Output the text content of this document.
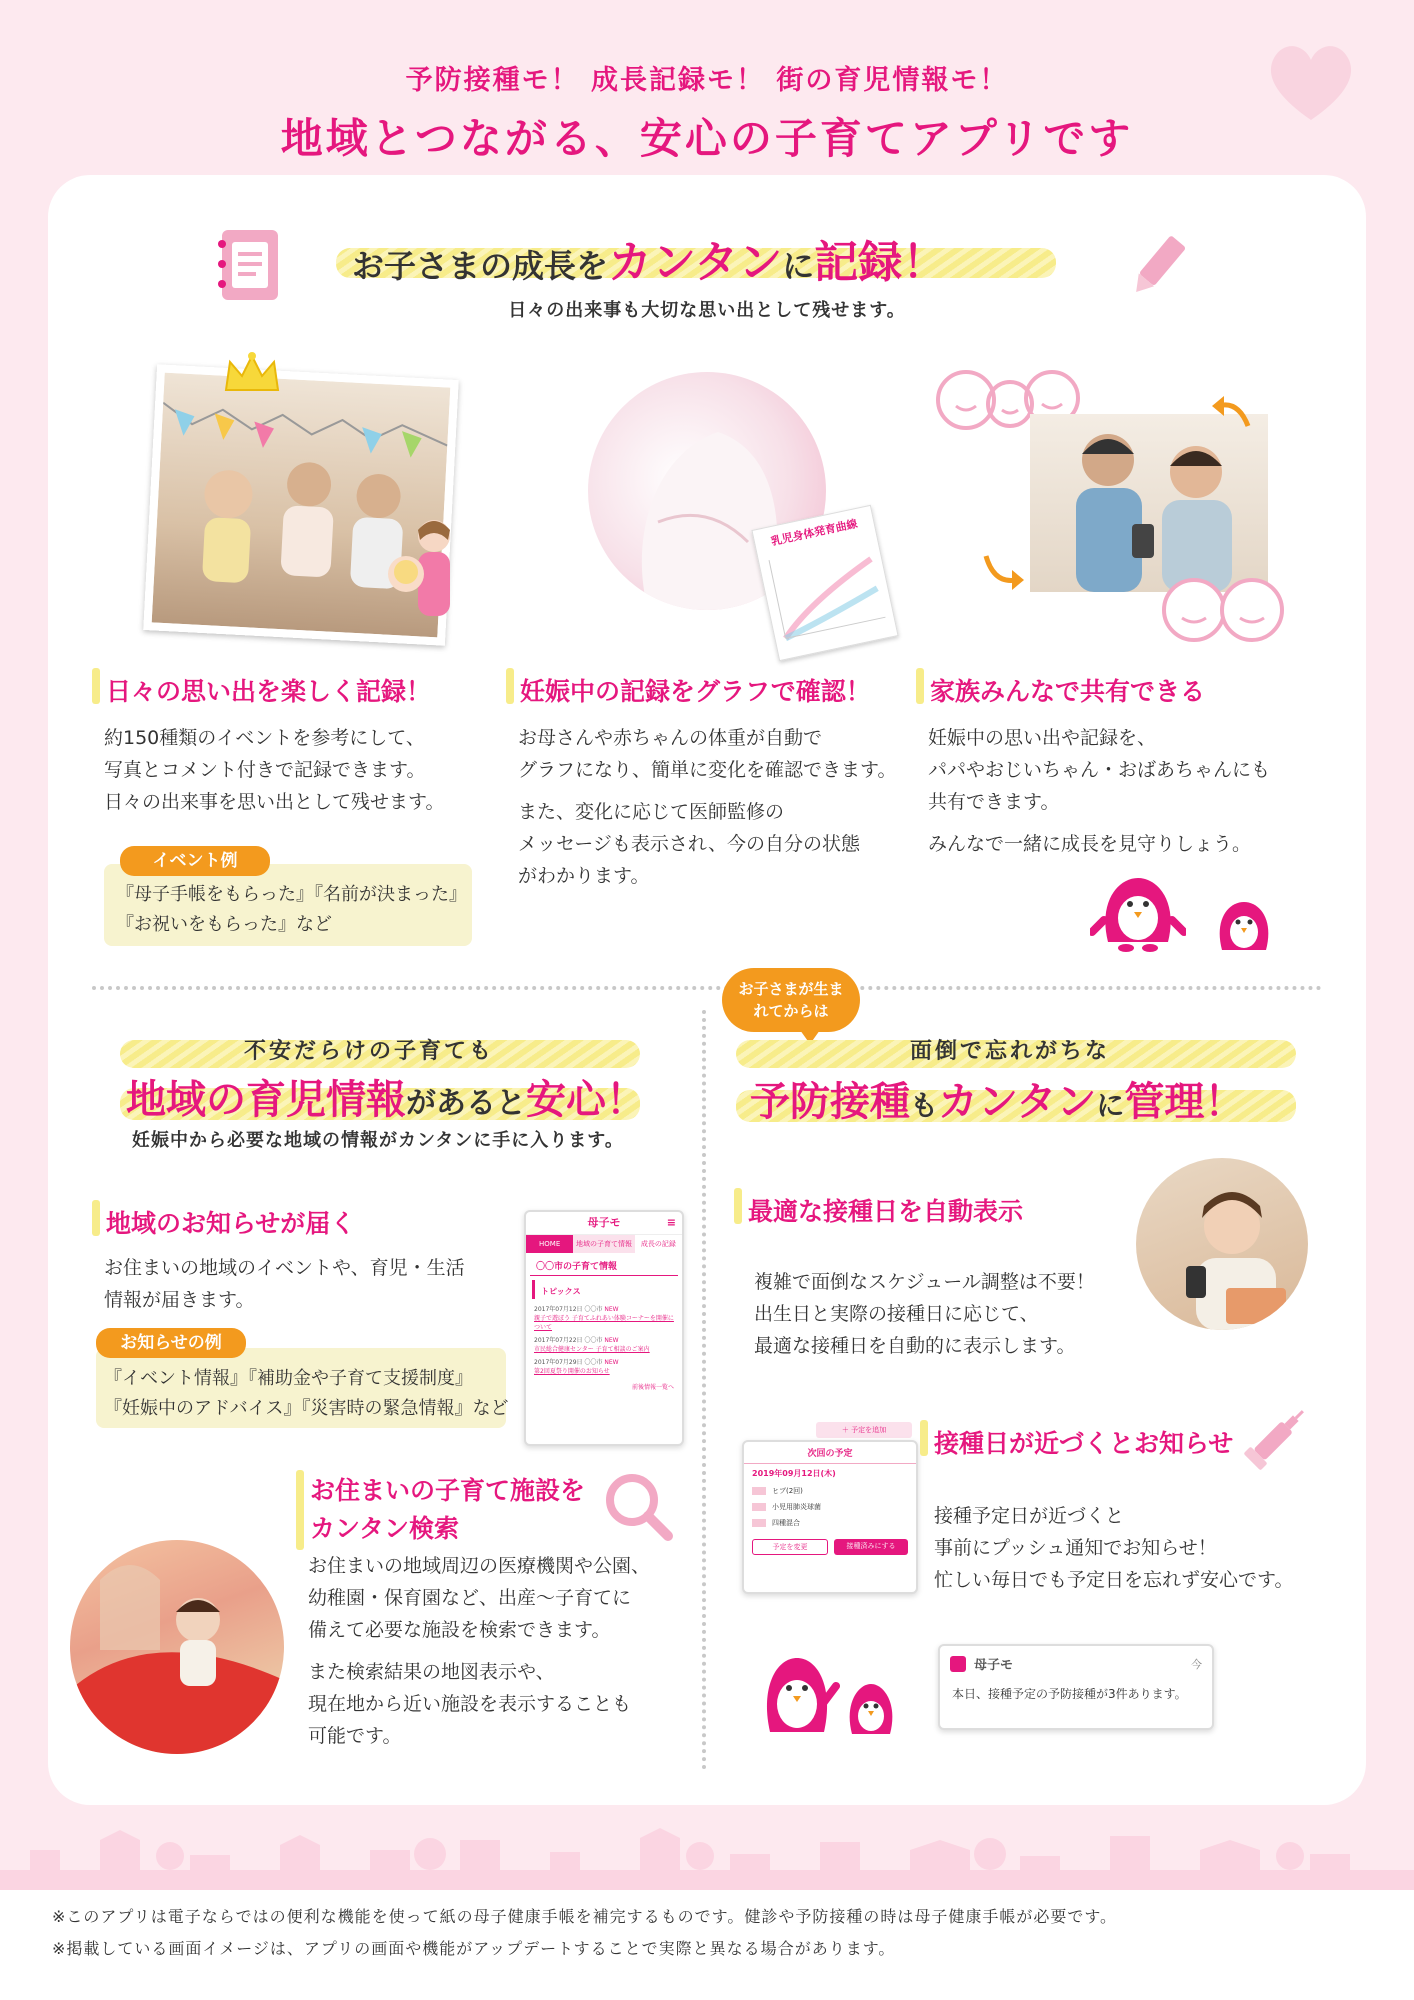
予防接種モ！ 成長記録モ！ 街の育児情報モ！
地域とつながる、安心の子育てアプリです
お子さまの成長をカンタンに記録！
日々の出来事も大切な思い出として残せます。
乳児身体発育曲線
日々の思い出を楽しく記録！
約150種類のイベントを参考にして、
写真とコメント付きで記録できます。
日々の出来事を思い出として残せます。
妊娠中の記録をグラフで確認！
お母さんや赤ちゃんの体重が自動で
グラフになり、簡単に変化を確認できます。
また、変化に応じて医師監修の
メッセージも表示され、今の自分の状態
がわかります。
家族みんなで共有できる
妊娠中の思い出や記録を、
パパやおじいちゃん・おばあちゃんにも
共有できます。
みんなで一緒に成長を見守りしょう。
イベント例
『母子手帳をもらった』『名前が決まった』
『お祝いをもらった』など
不安だらけの子育ても
地域の育児情報があると安心！
妊娠中から必要な地域の情報がカンタンに手に入ります。
地域のお知らせが届く
お住まいの地域のイベントや、育児・生活
情報が届きます。
お知らせの例
『イベント情報』『補助金や子育て支援制度』
『妊娠中のアドバイス』『災害時の緊急情報』など
母子モ	≡
HOME	地域の子育て情報	成長の記録
〇〇市の子育て情報
トピックス
2017年07月12日 〇〇市 NEW
親子で遊ぼう 子育てふれあい体験コーナーを開催について
2017年07月22日 〇〇市 NEW
市民総合健康センター 子育て相談のご案内
2017年07月29日 〇〇市 NEW
第2回夏祭り開催のお知らせ
前後情報一覧へ
お住まいの子育て施設を
カンタン検索
お住まいの地域周辺の医療機関や公園、
幼稚園・保育園など、出産〜子育てに
備えて必要な施設を検索できます。
また検索結果の地図表示や、
現在地から近い施設を表示することも
可能です。
お子さまが生まれてからは
面倒で忘れがちな
予防接種もカンタンに管理！
最適な接種日を自動表示
複雑で面倒なスケジュール調整は不要！
出生日と実際の接種日に応じて、
最適な接種日を自動的に表示します。
＋ 予定を追加
次回の予定
2019年09月12日(木)
ヒブ(2回)
小児用肺炎球菌
四種混合
予定を変更	接種済みにする
接種日が近づくとお知らせ
接種予定日が近づくと
事前にプッシュ通知でお知らせ！
忙しい毎日でも予定日を忘れず安心です。
母子モ	今
本日、接種予定の予防接種が3件あります。
※このアプリは電子ならではの便利な機能を使って紙の母子健康手帳を補完するものです。健診や予防接種の時は母子健康手帳が必要です。
※掲載している画面イメージは、アプリの画面や機能がアップデートすることで実際と異なる場合があります。
